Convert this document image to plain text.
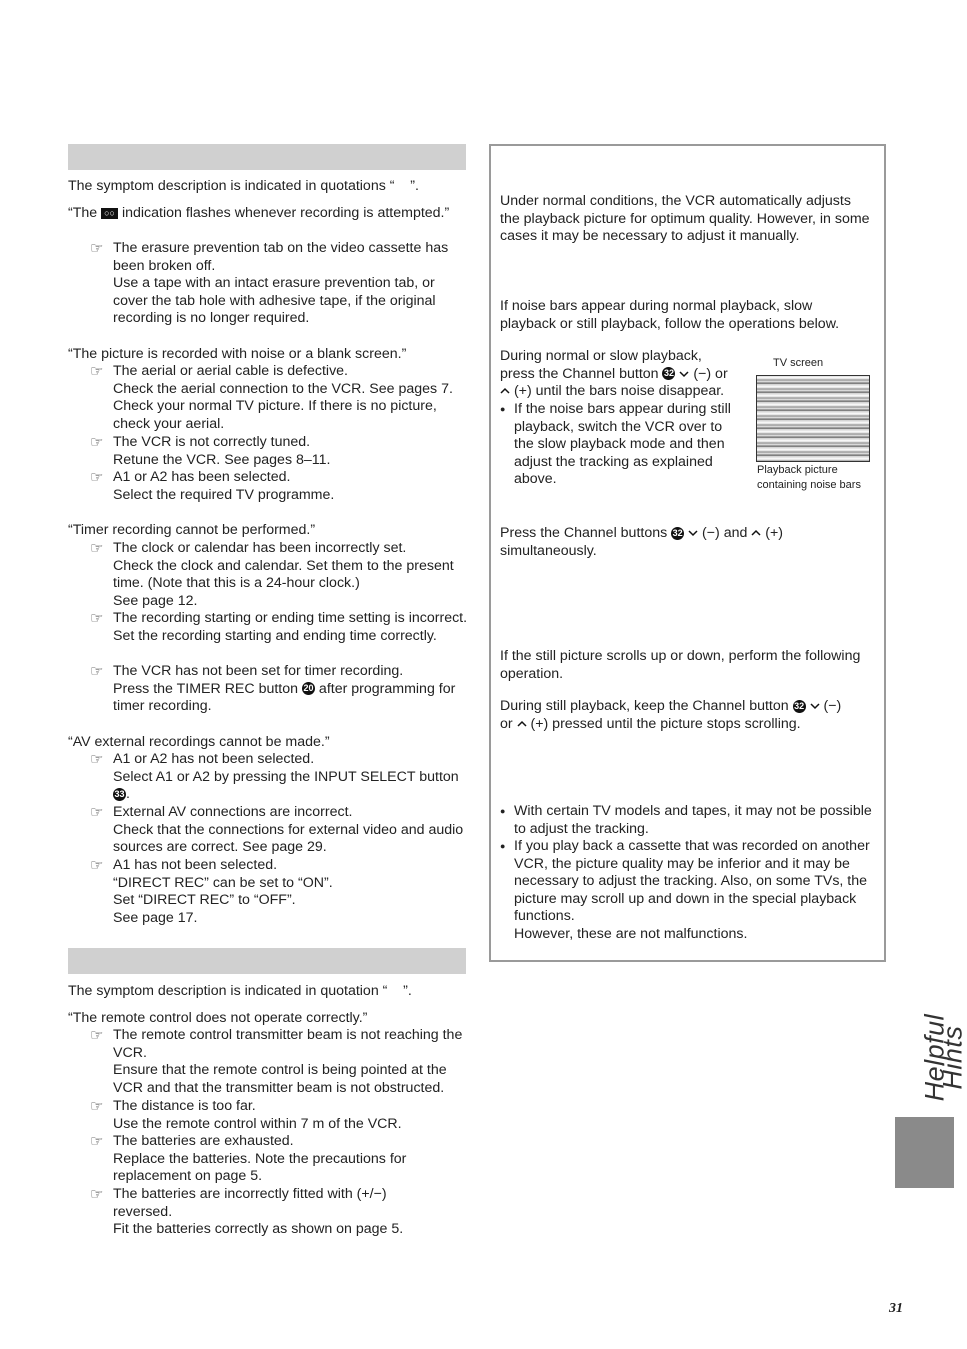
The symptom description is indicated in quotations “    ”.

“The ○○ indication flashes whenever recording is attempted.”

☞ The erasure prevention tab on the video cassette has been broken off.
Use a tape with an intact erasure prevention tab, or cover the tab hole with adhesive tape, if the original recording is no longer required.

“The picture is recorded with noise or a blank screen.”

☞ The aerial or aerial cable is defective.
Check the aerial connection to the VCR. See pages 7.
Check your normal TV picture. If there is no picture, check your aerial.
☞ The VCR is not correctly tuned.
Retune the VCR. See pages 8–11.
☞ A1 or A2 has been selected.
Select the required TV programme.

“Timer recording cannot be performed.”

☞ The clock or calendar has been incorrectly set.
Check the clock and calendar. Set them to the present time. (Note that this is a 24-hour clock.)
See page 12.
☞ The recording starting or ending time setting is incorrect.
Set the recording starting and ending time correctly.
☞ The VCR has not been set for timer recording.
Press the TIMER REC button 20 after programming for timer recording.

“AV external recordings cannot be made.”

☞ A1 or A2 has not been selected.
Select A1 or A2 by pressing the INPUT SELECT button 33 .
☞ External AV connections are incorrect.
Check that the connections for external video and audio sources are correct. See page 29.
☞ A1 has not been selected.
“DIRECT REC” can be set to “ON”.
Set “DIRECT REC” to “OFF”.
See page 17.

The symptom description is indicated in quotation “    ”.

“The remote control does not operate correctly.”

☞ The remote control transmitter beam is not reaching the VCR.
Ensure that the remote control is being pointed at the VCR and that the transmitter beam is not obstructed.
☞ The distance is too far.
Use the remote control within 7 m of the VCR.
☞ The batteries are exhausted.
Replace the batteries. Note the precautions for replacement on page 5.
☞ The batteries are incorrectly fitted with (+/−) reversed.
Fit the batteries correctly as shown on page 5.

Under normal conditions, the VCR automatically adjusts the playback picture for optimum quality. However, in some cases it may be necessary to adjust it manually.

If noise bars appear during normal playback, slow playback or still playback, follow the operations below.

During normal or slow playback,
press the Channel button 32  (−) or
(+) until the bars noise disappear.

● If the noise bars appear during still playback, switch the VCR over to the slow playback mode and then adjust the tracking as explained above.
TV screen
Playback picture containing noise bars

Press the Channel buttons 32  (−) and  (+)
simultaneously.

If the still picture scrolls up or down, perform the following operation.

During still playback, keep the Channel button 32  (−)
or  (+) pressed until the picture stops scrolling.

● With certain TV models and tapes, it may not be possible to adjust the tracking.
● If you play back a cassette that was recorded on another VCR, the picture quality may be inferior and it may be necessary to adjust the tracking. Also, on some TVs, the picture may scroll up and down in the special playback functions.
However, these are not malfunctions.
Helpful Hints
31
